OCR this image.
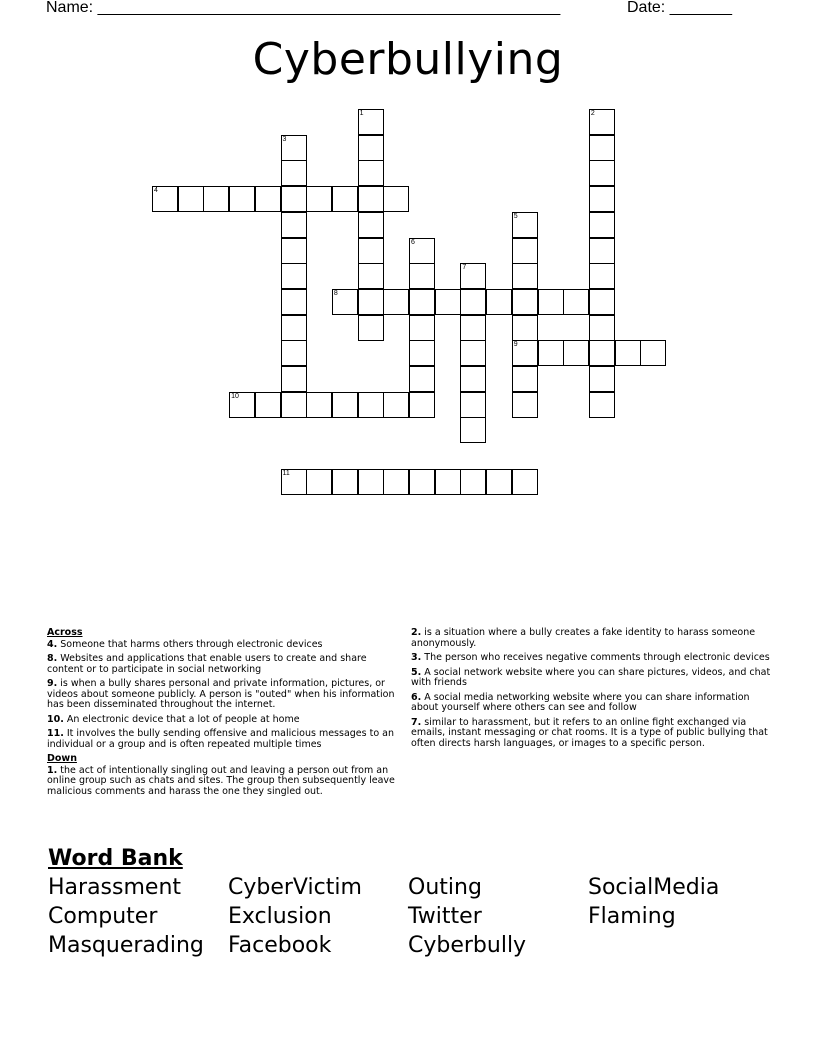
Name: ____________________________________________________	Date: _______
Cyberbullying
1	2
3
4
5
9
6
7
8
10
11
Across
4. Someone that harms others through electronic devices
8. Websites and applications that enable users to create and share content or to participate in social networking
9. is when a bully shares personal and private information, pictures, or videos about someone publicly. A person is "outed" when his information has been disseminated throughout the internet.
10. An electronic device that a lot of people at home
11. It involves the bully sending offensive and malicious messages to an individual or a group and is often repeated multiple times
Down
1. the act of intentionally singling out and leaving a person out from an online group such as chats and sites. The group then subsequently leave malicious comments and harass the one they singled out.
2. is a situation where a bully creates a fake identity to harass someone anonymously.
3. The person who receives negative comments through electronic devices
5. A social network website where you can share pictures, videos, and chat with friends
6. A social media networking website where you can share information about yourself where others can see and follow
7. similar to harassment, but it refers to an online fight exchanged via emails, instant messaging or chat rooms. It is a type of public bullying that often directs harsh languages, or images to a specific person.
Word Bank
Harassment	CyberVictim	Outing	SocialMedia
Computer	Exclusion	Twitter	Flaming
Masquerading	Facebook	Cyberbully
